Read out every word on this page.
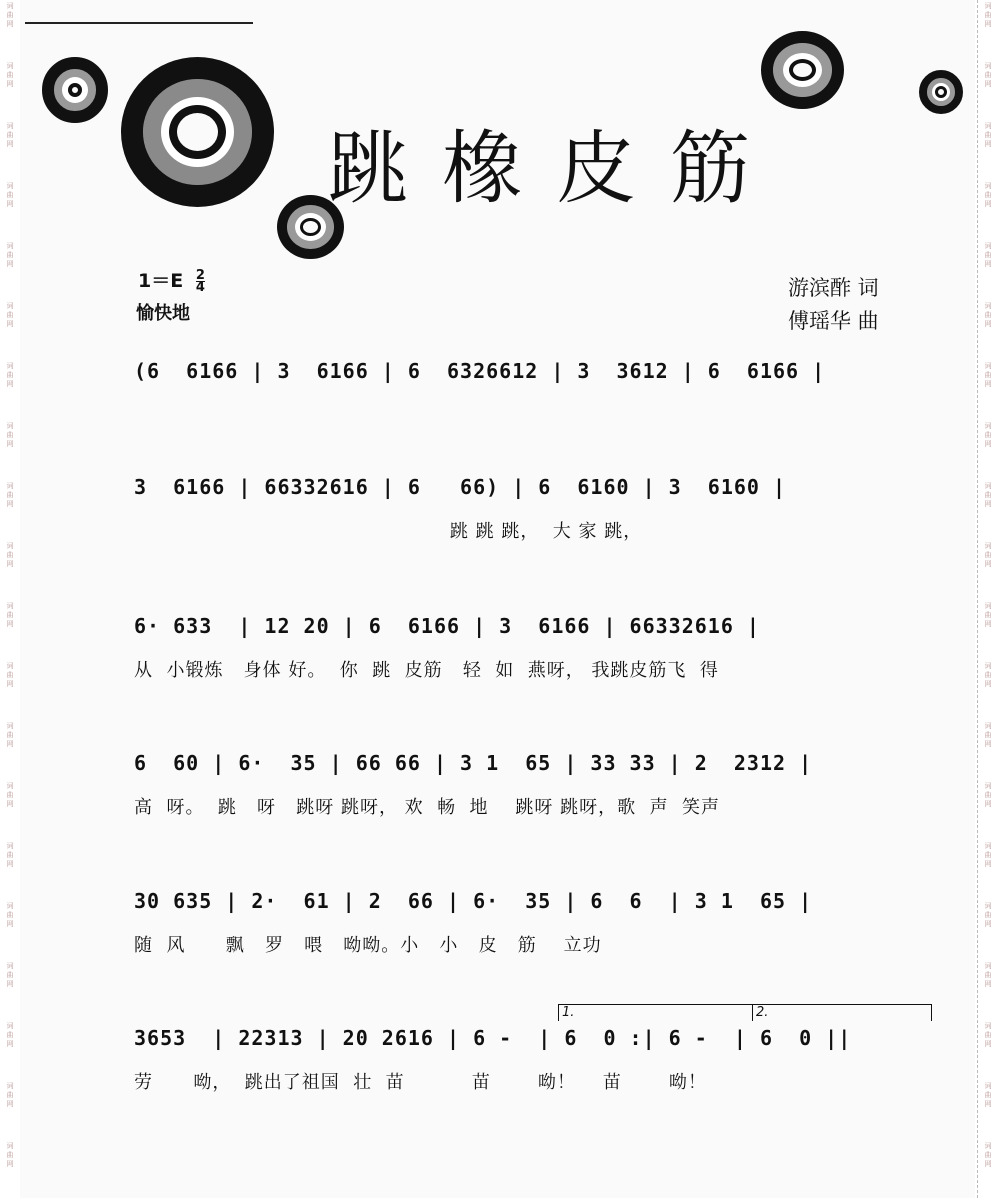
跳橡皮筋
$1=E \frac{2}{4}$
愉快地
游滨酢 词
傅瑶华 曲
(6  6166 | 3  6166 | 6  6326612 | 3  3612 | 6  6166 |
3  6166 | 66332616 | 6   66) | 6  6160 | 3  6160 |
跳 跳 跳，  大 家 跳，
6· 633  | 12 20 | 6  6166 | 3  6166 | 66332616 |
从  小锻炼   身体 好。  你  跳  皮筋   轻  如  燕呀， 我跳皮筋飞  得
6  60 | 6·  35 | 66 66 | 3 1  65 | 33 33 | 2  2312 |
高  呀。  跳   呀   跳呀 跳呀， 欢  畅  地    跳呀 跳呀，歌  声  笑声
30 635 | 2·  61 | 2  66 | 6·  35 | 6  6  | 3 1  65 |
随  风      飘   罗   喂   呦呦。小   小   皮   筋    立功
3653  | 22313 | 20 2616 | 6 -  | 6  0 :| 6 -  | 6  0 ||
劳      呦，  跳出了祖国  壮  苗          苗       呦！    苗       呦！
1.	2.
词
曲
网
词
曲
网
词
曲
网
词
曲
网
词
曲
网
词
曲
网
词
曲
网
词
曲
网
词
曲
网
词
曲
网
词
曲
网
词
曲
网
词
曲
网
词
曲
网
词
曲
网
词
曲
网
词
曲
网
词
曲
网
词
曲
网
词
曲
网
词
曲
网
词
曲
网
词
曲
网
词
曲
网
词
曲
网
词
曲
网
词
曲
网
词
曲
网
词
曲
网
词
曲
网
词
曲
网
词
曲
网
词
曲
网
词
曲
网
词
曲
网
词
曲
网
词
曲
网
词
曲
网
词
曲
网
词
曲
网
